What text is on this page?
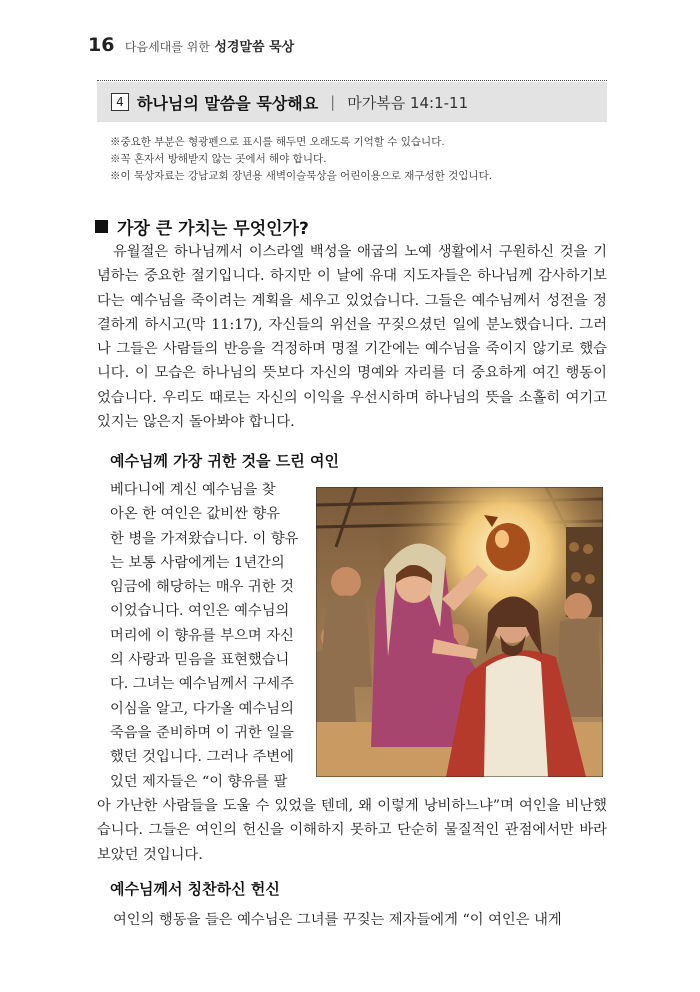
16 다음세대를 위한 성경말씀 묵상
4 하나님의 말씀을 묵상해요 | 마가복음 14:1-11
※중요한 부분은 형광펜으로 표시를 해두면 오래도록 기억할 수 있습니다.
※꼭 혼자서 방해받지 않는 곳에서 해야 합니다.
※이 묵상자료는 강남교회 장년용 새벽이슬묵상을 어린이용으로 재구성한 것입니다.
가장 큰 가치는 무엇인가?

유월절은 하나님께서 이스라엘 백성을 애굽의 노예 생활에서 구원하신 것을 기념하는 중요한 절기입니다. 하지만 이 날에 유대 지도자들은 하나님께 감사하기보다는 예수님을 죽이려는 계획을 세우고 있었습니다. 그들은 예수님께서 성전을 정결하게 하시고(막 11:17), 자신들의 위선을 꾸짖으셨던 일에 분노했습니다. 그러나 그들은 사람들의 반응을 걱정하며 명절 기간에는 예수님을 죽이지 않기로 했습니다. 이 모습은 하나님의 뜻보다 자신의 명예와 자리를 더 중요하게 여긴 행동이었습니다. 우리도 때로는 자신의 이익을 우선시하며 하나님의 뜻을 소홀히 여기고 있지는 않은지 돌아봐야 합니다.

예수님께 가장 귀한 것을 드린 여인
베다니에 계신 예수님을 찾
아온 한 여인은 값비싼 향유
한 병을 가져왔습니다. 이 향유
는 보통 사람에게는 1년간의
임금에 해당하는 매우 귀한 것
이었습니다. 여인은 예수님의
머리에 이 향유를 부으며 자신
의 사랑과 믿음을 표현했습니
다. 그녀는 예수님께서 구세주
이심을 알고, 다가올 예수님의
죽음을 준비하며 이 귀한 일을
했던 것입니다. 그러나 주변에
있던 제자들은 “이 향유를 팔

아 가난한 사람들을 도울 수 있었을 텐데, 왜 이렇게 낭비하느냐”며 여인을 비난했습니다. 그들은 여인의 헌신을 이해하지 못하고 단순히 물질적인 관점에서만 바라보았던 것입니다.

예수님께서 칭찬하신 헌신

여인의 행동을 들은 예수님은 그녀를 꾸짖는 제자들에게 “이 여인은 내게
